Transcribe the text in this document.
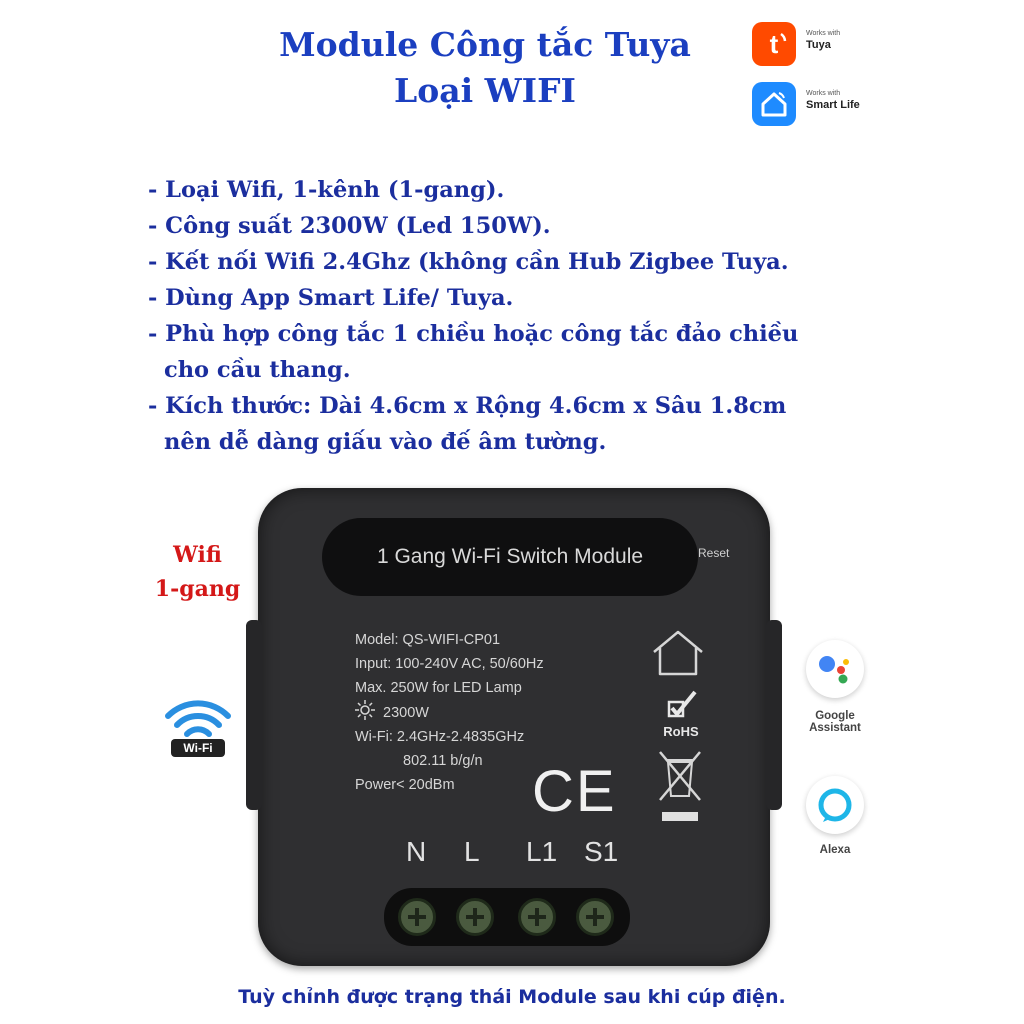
Module Công tắc Tuya
Loại WIFI
t	Works with
Tuya
Works with
Smart Life
- Loại Wifi, 1-kênh (1-gang).
- Công suất 2300W (Led 150W).
- Kết nối Wifi 2.4Ghz (không cần Hub Zigbee Tuya.
- Dùng App Smart Life/ Tuya.
- Phù hợp công tắc 1 chiều hoặc công tắc đảo chiều
cho cầu thang.
- Kích thước: Dài 4.6cm x Rộng 4.6cm x Sâu 1.8cm
nên dễ dàng giấu vào đế âm tường.
Wifi
1-gang
Wi-Fi
1 Gang Wi-Fi Switch Module	Reset
Model: QS-WIFI-CP01
Input: 100-240V AC, 50/60Hz
Max. 250W for LED Lamp
2300W
Wi-Fi: 2.4GHz-2.4835GHz
802.11 b/g/n
Power< 20dBm
RoHS
CE
N L L1 S1
Google
Assistant
Alexa
Tuỳ chỉnh được trạng thái Module sau khi cúp điện.
